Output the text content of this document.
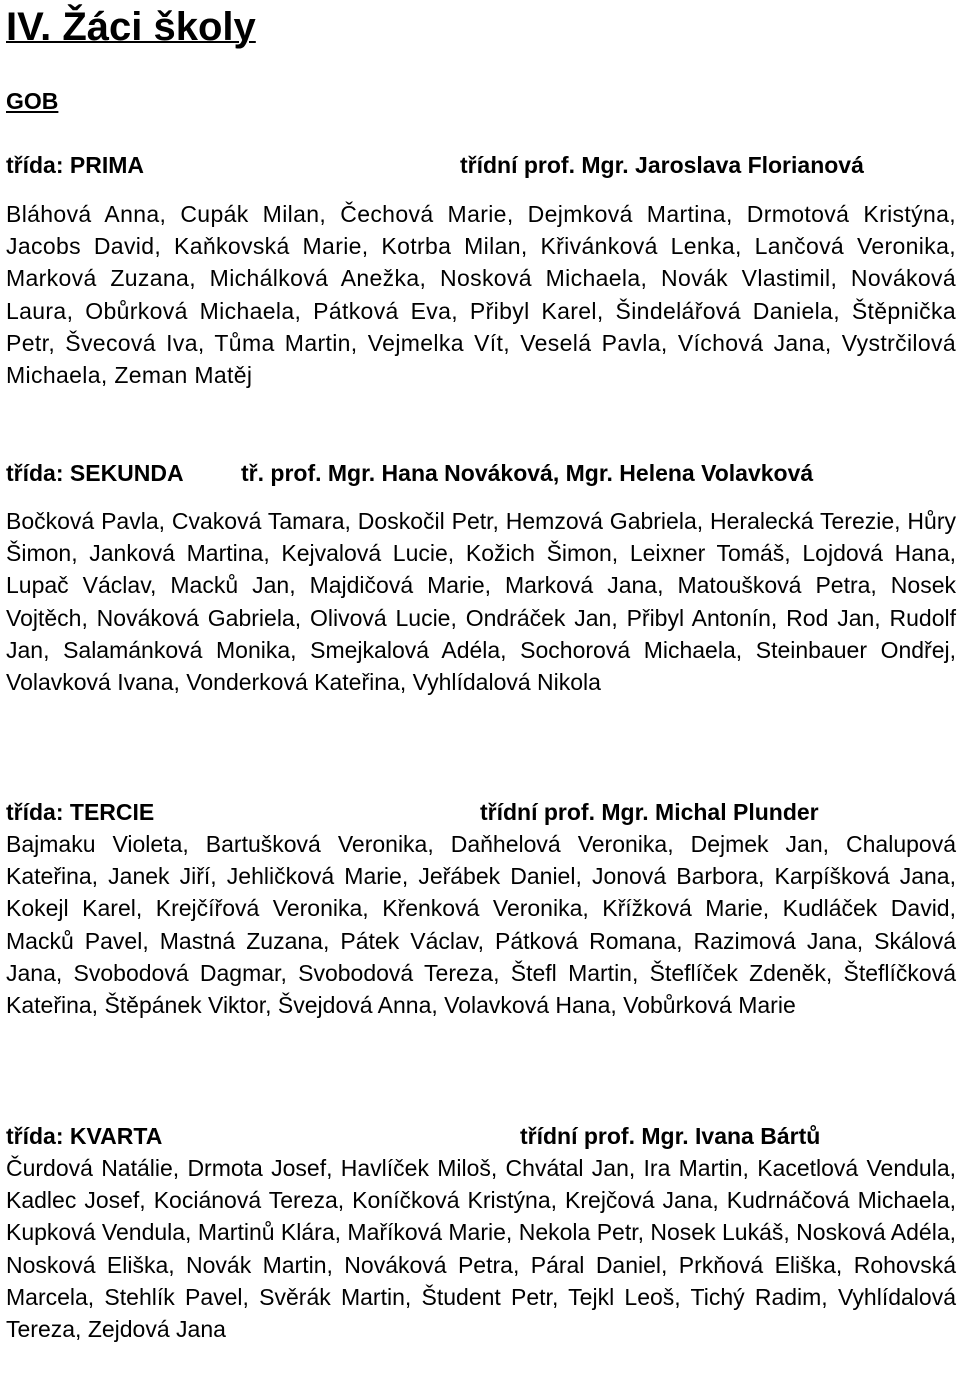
IV. Žáci školy
GOB
třída: PRIMA	třídní prof. Mgr. Jaroslava Florianová

Bláhová Anna, Cupák Milan, Čechová Marie, Dejmková Martina, Drmotová Kristýna, Jacobs David, Kaňkovská Marie, Kotrba Milan, Křivánková Lenka, Lančová Veronika, Marková Zuzana, Michálková Anežka, Nosková Michaela, Novák Vlastimil, Nováková Laura, Obůrková Michaela, Pátková Eva, Přibyl Karel, Šindelářová Daniela, Štěpnička Petr, Švecová Iva, Tůma Martin, Vejmelka Vít, Veselá Pavla, Víchová Jana, Vystrčilová Michaela, Zeman Matěj

třída: SEKUNDA tř. prof. Mgr. Hana Nováková, Mgr. Helena Volavková

Bočková Pavla, Cvaková Tamara, Doskočil Petr, Hemzová Gabriela, Heralecká Terezie, Hůry Šimon, Janková Martina, Kejvalová Lucie, Kožich Šimon, Leixner Tomáš, Lojdová Hana, Lupač Václav, Macků Jan, Majdičová Marie, Marková Jana, Matoušková Petra, Nosek Vojtěch, Nováková Gabriela, Olivová Lucie, Ondráček Jan, Přibyl Antonín, Rod Jan, Rudolf Jan, Salamánková Monika, Smejkalová Adéla, Sochorová Michaela, Steinbauer Ondřej, Volavková Ivana, Vonderková Kateřina, Vyhlídalová Nikola

třída: TERCIE	třídní prof. Mgr. Michal Plunder

Bajmaku Violeta, Bartušková Veronika, Daňhelová Veronika, Dejmek Jan, Chalupová Kateřina, Janek Jiří, Jehličková Marie, Jeřábek Daniel, Jonová Barbora, Karpíšková Jana, Kokejl Karel, Krejčířová Veronika, Křenková Veronika, Křížková Marie, Kudláček David, Macků Pavel, Mastná Zuzana, Pátek Václav, Pátková Romana, Razimová Jana, Skálová Jana, Svobodová Dagmar, Svobodová Tereza, Štefl Martin, Šteflíček Zdeněk, Šteflíčková Kateřina, Štěpánek Viktor, Švejdová Anna, Volavková Hana, Vobůrková Marie

třída: KVARTA	třídní prof. Mgr. Ivana Bártů

Čurdová Natálie, Drmota Josef, Havlíček Miloš, Chvátal Jan, Ira Martin, Kacetlová Vendula, Kadlec Josef, Kociánová Tereza, Koníčková Kristýna, Krejčová Jana, Kudrnáčová Michaela, Kupková Vendula, Martinů Klára, Maříková Marie, Nekola Petr, Nosek Lukáš, Nosková Adéla, Nosková Eliška, Novák Martin, Nováková Petra, Páral Daniel, Prkňová Eliška, Rohovská Marcela, Stehlík Pavel, Svěrák Martin, Študent Petr, Tejkl Leoš, Tichý Radim, Vyhlídalová Tereza, Zejdová Jana
